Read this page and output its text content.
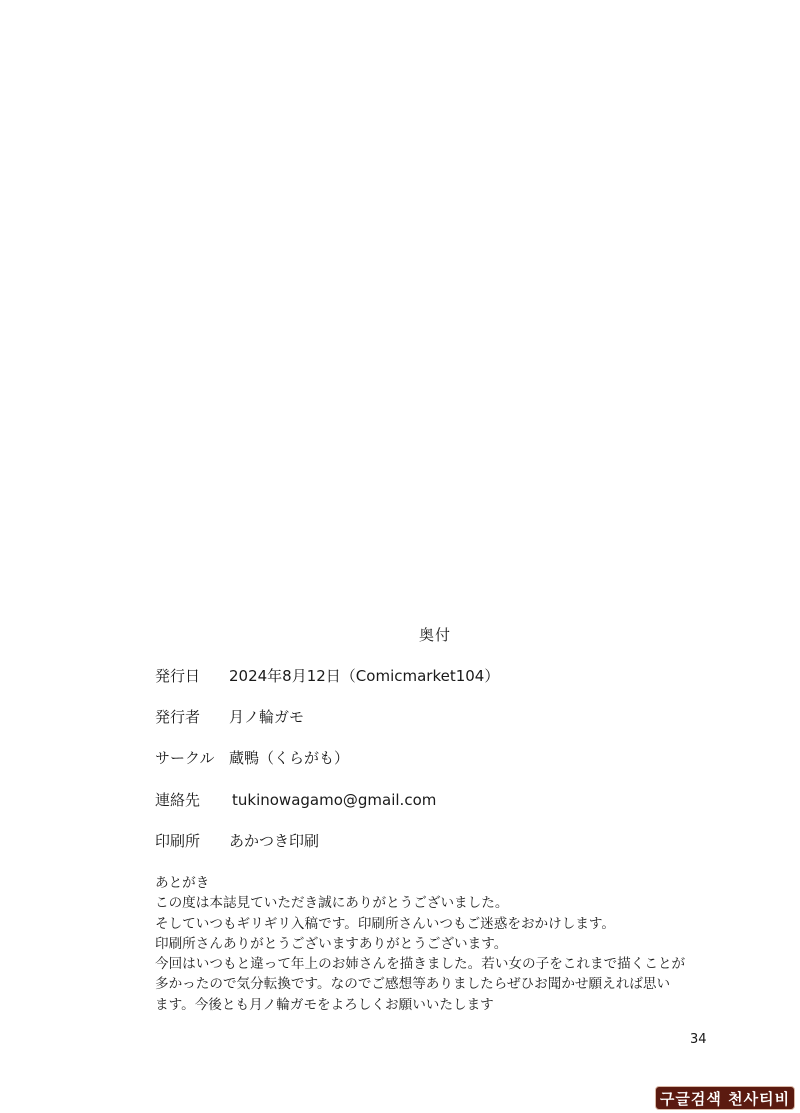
奥付
発行日 2024年8月12日（Comicmarket104）
発行者 月ノ輪ガモ
サークル 蔵鴨（くらがも）
連絡先 tukinowagamo@gmail.com
印刷所 あかつき印刷
あとがき
この度は本誌見ていただき誠にありがとうございました。
そしていつもギリギリ入稿です。印刷所さんいつもご迷惑をおかけします。
印刷所さんありがとうございますありがとうございます。
今回はいつもと違って年上のお姉さんを描きました。若い女の子をこれまで描くことが
多かったので気分転換です。なのでご感想等ありましたらぜひお聞かせ願えれば思い
ます。今後とも月ノ輪ガモをよろしくお願いいたします
34
구글검색 천사티비
